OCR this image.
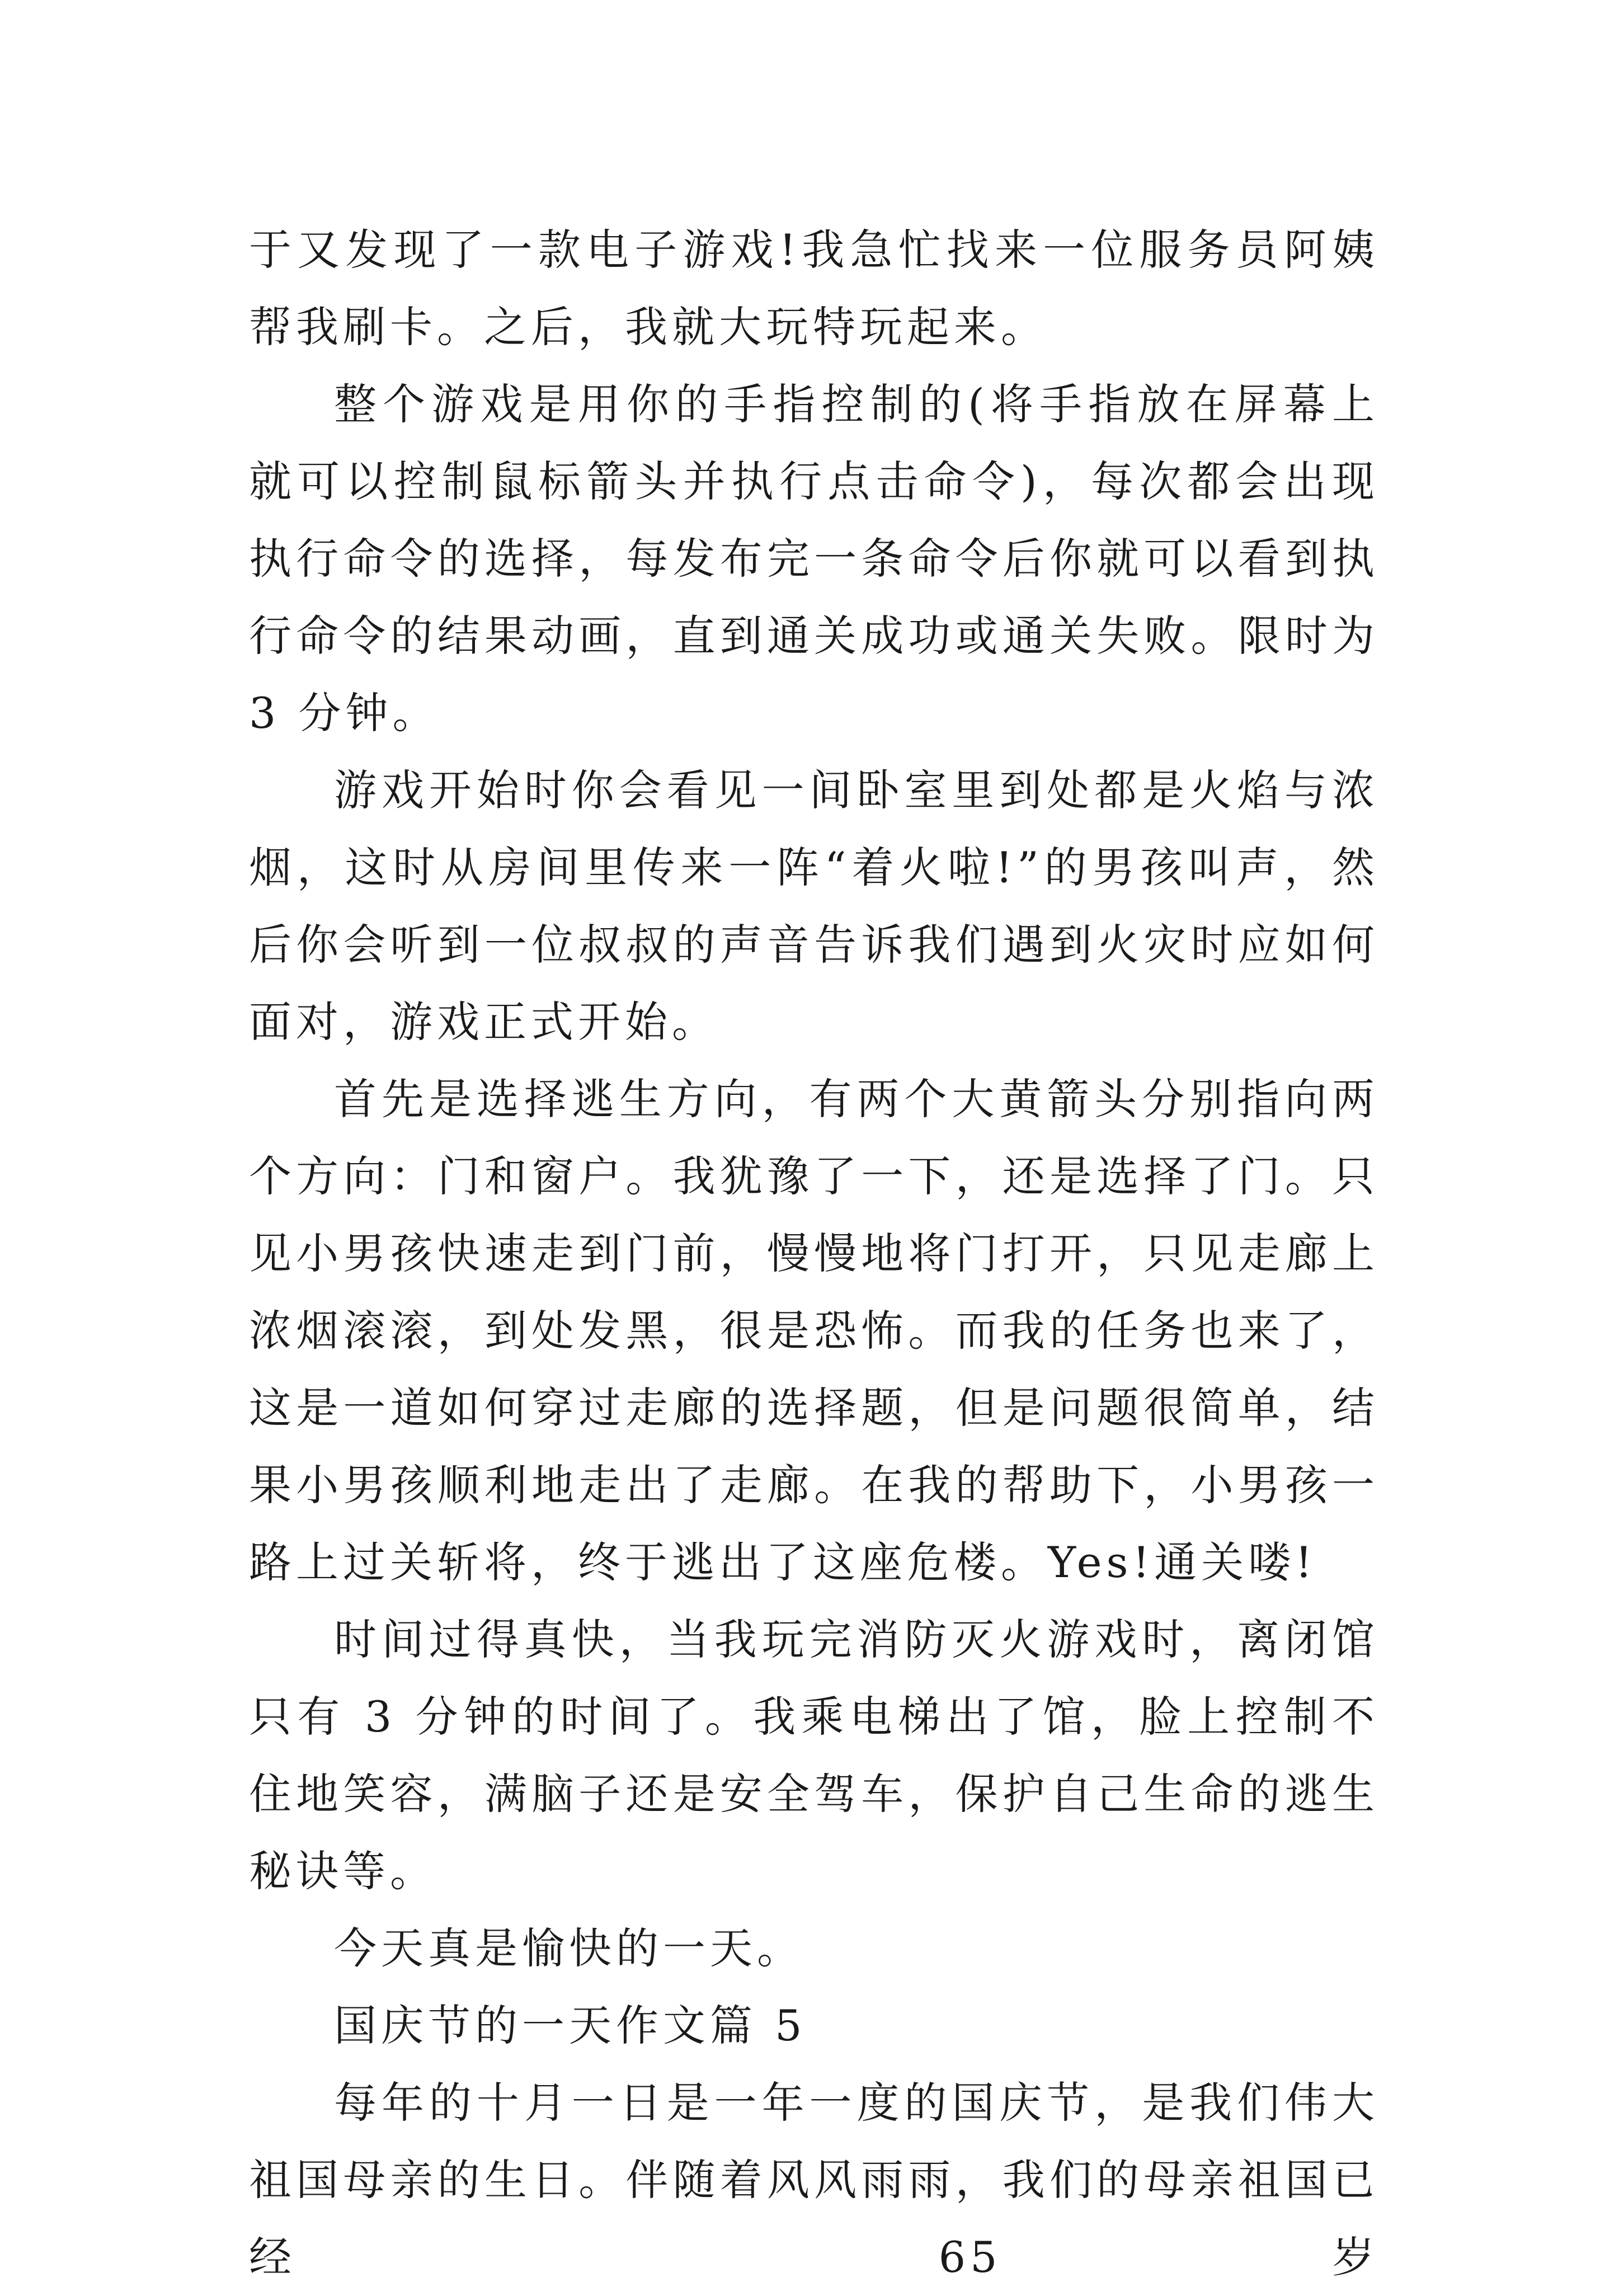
于又发现了一款电子游戏!我急忙找来一位服务员阿姨帮我刷卡。之后，我就大玩特玩起来。

整个游戏是用你的手指控制的(将手指放在屏幕上就可以控制鼠标箭头并执行点击命令)，每次都会出现执行命令的选择，每发布完一条命令后你就可以看到执行命令的结果动画，直到通关成功或通关失败。限时为 3 分钟。

游戏开始时你会看见一间卧室里到处都是火焰与浓烟，这时从房间里传来一阵“着火啦!”的男孩叫声，然后你会听到一位叔叔的声音告诉我们遇到火灾时应如何面对，游戏正式开始。

首先是选择逃生方向，有两个大黄箭头分别指向两个方向：门和窗户。我犹豫了一下，还是选择了门。只见小男孩快速走到门前，慢慢地将门打开，只见走廊上浓烟滚滚，到处发黑，很是恐怖。而我的任务也来了，这是一道如何穿过走廊的选择题，但是问题很简单，结果小男孩顺利地走出了走廊。在我的帮助下，小男孩一路上过关斩将，终于逃出了这座危楼。Yes!通关喽!

时间过得真快，当我玩完消防灭火游戏时，离闭馆只有 3 分钟的时间了。我乘电梯出了馆，脸上控制不住地笑容，满脑子还是安全驾车，保护自己生命的逃生秘诀等。

今天真是愉快的一天。

国庆节的一天作文篇 5

每年的十月一日是一年一度的国庆节，是我们伟大祖国母亲的生日。伴随着风风雨雨，我们的母亲祖国已经 65 岁
